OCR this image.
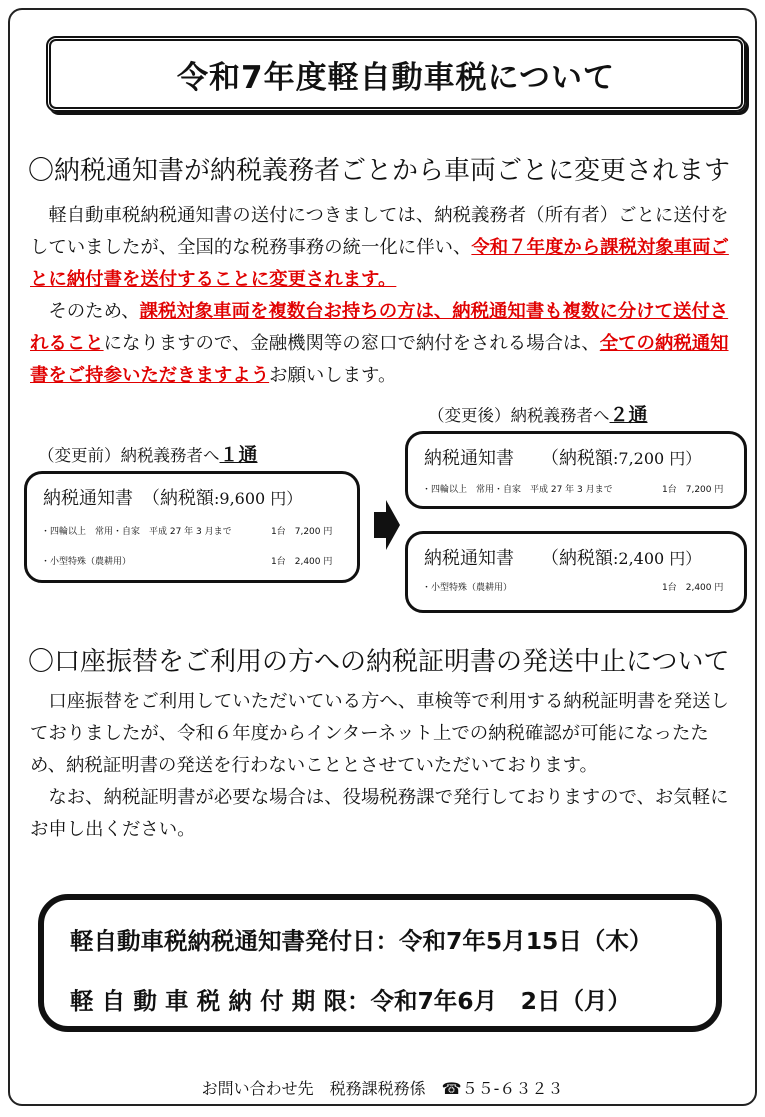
令和7年度軽自動車税について
〇納税通知書が納税義務者ごとから車両ごとに変更されます

軽自動車税納税通知書の送付につきましては、納税義務者（所有者）ごとに送付をしていましたが、全国的な税務事務の統一化に伴い、令和７年度から課税対象車両ごとに納付書を送付することに変更されます。

そのため、課税対象車両を複数台お持ちの方は、納税通知書も複数に分けて送付されることになりますので、金融機関等の窓口で納付をされる場合は、全ての納税通知書をご持参いただきますようお願いします。

（変更後）納税義務者へ２通
（変更前）納税義務者へ１通
納税通知書　 （納税額:9,600 円）
・四輪以上　常用・自家　平成 27 年 3 月まで	1台　7,200 円
・小型特殊（農耕用）	1台　2,400 円
納税通知書　　 （納税額:7,200 円）
・四輪以上　常用・自家　平成 27 年 3 月まで	1台　7,200 円
納税通知書　　 （納税額:2,400 円）
・小型特殊（農耕用）	1台　2,400 円
〇口座振替をご利用の方への納税証明書の発送中止について

口座振替をご利用していただいている方へ、車検等で利用する納税証明書を発送しておりましたが、令和６年度からインターネット上での納税確認が可能になったため、納税証明書の発送を行わないこととさせていただいております。

なお、納税証明書が必要な場合は、役場税務課で発行しておりますので、お気軽にお申し出ください。

軽自動車税納税通知書発付日：令和7年5月15日（木）
軽 自 動 車 税 納 付 期 限：令和7年6月　2日（月）
お問い合わせ先　税務課税務係　☎５５-６３２３
